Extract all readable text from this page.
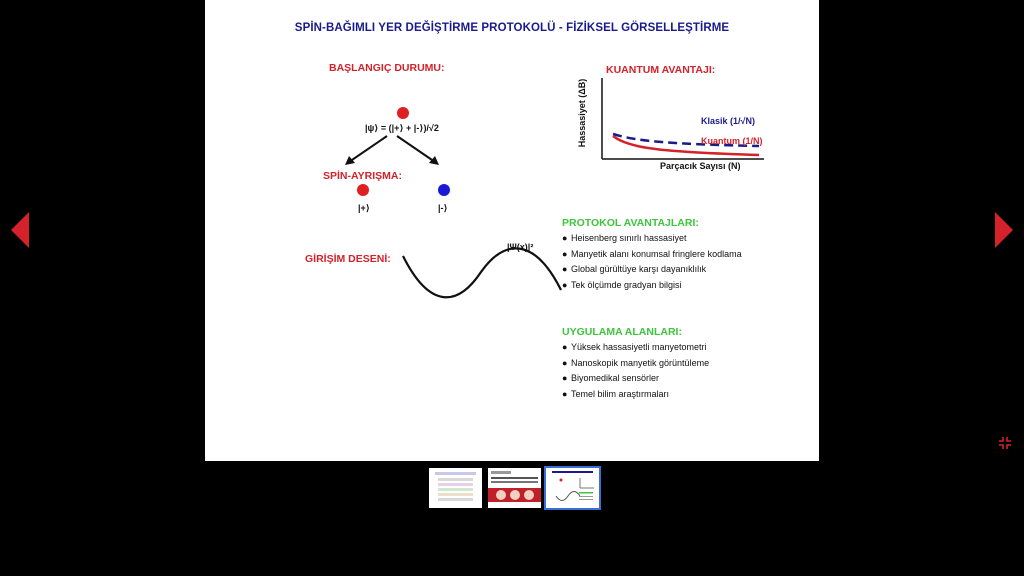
SPİN-BAĞIMLI YER DEĞİŞTİRME PROTOKOLÜ - FİZİKSEL GÖRSELLEŞTİRME
BAŞLANGIÇ DURUMU:
|ψ⟩ = (|+⟩ + |-⟩)/√2
SPİN-AYRIŞMA:
|+⟩	|-⟩
GİRİŞİM DESENİ:
|Ψ(x)|²
KUANTUM AVANTAJI:
Hassasiyet (ΔB)	Klasik (1/√N)
Kuantum (1/N)
Parçacık Sayısı (N)
PROTOKOL AVANTAJLARI:
● Heisenberg sınırlı hassasiyet
● Manyetik alanı konumsal fringlere kodlama
● Global gürültüye karşı dayanıklılık
● Tek ölçümde gradyan bilgisi
UYGULAMA ALANLARI:
● Yüksek hassasiyetli manyetometri
● Nanoskopik manyetik görüntüleme
● Biyomedikal sensörler
● Temel bilim araştırmaları
